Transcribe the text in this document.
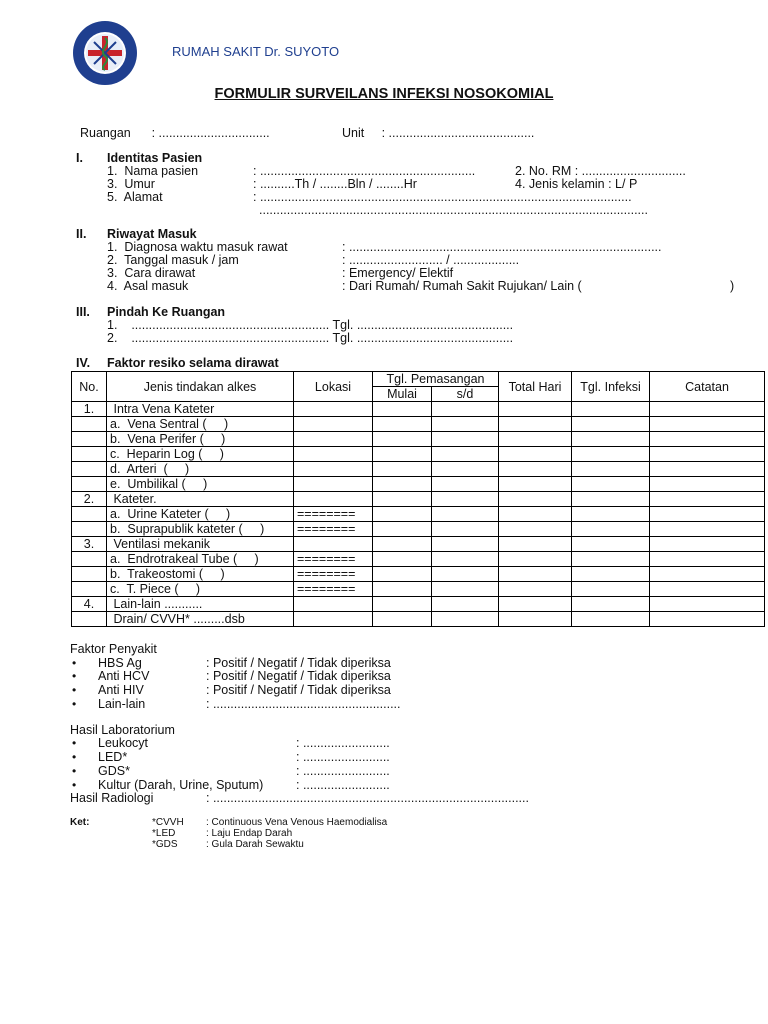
RUMAH SAKIT Dr. SUYOTO
FORMULIR SURVEILANS INFEKSI NOSOKOMIAL
Ruangan      : ................................	Unit     : ..........................................
I. Identitas Pasien
1.  Nama pasien	: ..............................................................	2. No. RM : ..............................
3.  Umur	: ..........Th / ........Bln / ........Hr	4. Jenis kelamin : L/ P
5.  Alamat	: ...........................................................................................................
................................................................................................................
II. Riwayat Masuk
1.  Diagnosa waktu masuk rawat	: ..........................................................................................
2.  Tanggal masuk / jam	: ........................... / ...................
3.  Cara dirawat	: Emergency/ Elektif
4.  Asal masuk	: Dari Rumah/ Rumah Sakit Rujukan/ Lain (	)
III. Pindah Ke Ruangan
1.    ......................................................... Tgl. .............................................
2.    ......................................................... Tgl. .............................................
IV. Faktor resiko selama dirawat
No.	Jenis tindakan alkes	Lokasi	Tgl. Pemasangan		Total Hari	Tgl. Infeksi	Catatan
			Mulai	s/d			
1.	Intra Vena Kateter						
	a.  Vena Sentral (     )						
	b.  Vena Perifer (     )						
	c.  Heparin Log (     )						
	d.  Arteri  (     )						
	e.  Umbilikal (     )						
2.	Kateter.						
	a.  Urine Kateter (     )	========					
	b.  Suprapublik kateter (     )	========					
3.	Ventilasi mekanik						
	a.  Endrotrakeal Tube (     )	========					
	b.  Trakeostomi (     )	========					
	c.  T. Piece (     )	========					
4.	Lain-lain ...........						
	Drain/ CVVH* .........dsb						
Faktor Penyakit
• HBS Ag	: Positif / Negatif / Tidak diperiksa
• Anti HCV	: Positif / Negatif / Tidak diperiksa
• Anti HIV	: Positif / Negatif / Tidak diperiksa
• Lain-lain	: ......................................................
Hasil Laboratorium
• Leukocyt	: .........................
• LED*	: .........................
• GDS*	: .........................
• Kultur (Darah, Urine, Sputum)	: .........................
Hasil Radiologi	: ...........................................................................................
Ket:	*CVVH : Continuous Vena Venous Haemodialisa
*LED	: Laju Endap Darah
*GDS	: Gula Darah Sewaktu
